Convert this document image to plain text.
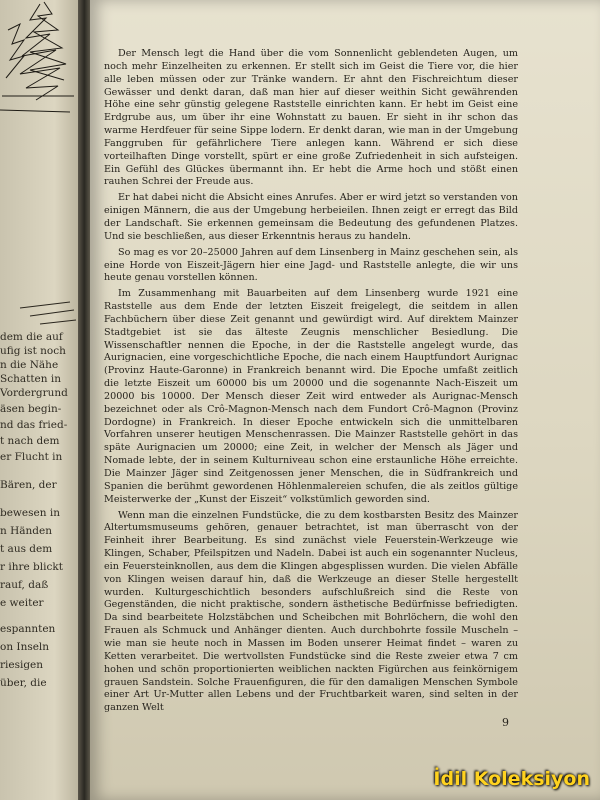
dem die auf
ufig ist noch
n die Nähe
Schatten in
Vordergrund
äsen begin-
nd das fried-
t nach dem
er Flucht in
Bären, der
bewesen in
n Händen
t aus dem
r ihre blickt
rauf, daß
e weiter
espannten
on Inseln
riesigen
über, die

Der Mensch legt die Hand über die vom Sonnenlicht geblendeten Augen, um noch mehr Einzelheiten zu erkennen. Er stellt sich im Geist die Tiere vor, die hier alle leben müssen oder zur Tränke wandern. Er ahnt den Fischreichtum dieser Gewässer und denkt daran, daß man hier auf dieser weithin Sicht gewährenden Höhe eine sehr günstig gelegene Raststelle einrichten kann. Er hebt im Geist eine Erdgrube aus, um über ihr eine Wohnstatt zu bauen. Er sieht in ihr schon das warme Herdfeuer für seine Sippe lodern. Er denkt daran, wie man in der Umgebung Fanggruben für gefährlichere Tiere anlegen kann. Während er sich diese vorteilhaften Dinge vorstellt, spürt er eine große Zufriedenheit in sich aufsteigen. Ein Gefühl des Glückes übermannt ihn. Er hebt die Arme hoch und stößt einen rauhen Schrei der Freude aus.

Er hat dabei nicht die Absicht eines Anrufes. Aber er wird jetzt so verstanden von einigen Männern, die aus der Umgebung herbeieilen. Ihnen zeigt er erregt das Bild der Landschaft. Sie erkennen gemeinsam die Bedeutung des gefundenen Platzes. Und sie beschließen, aus dieser Erkenntnis heraus zu handeln.

So mag es vor 20–25000 Jahren auf dem Linsenberg in Mainz geschehen sein, als eine Horde von Eiszeit-Jägern hier eine Jagd- und Raststelle anlegte, die wir uns heute genau vorstellen können.

Im Zusammenhang mit Bauarbeiten auf dem Linsenberg wurde 1921 eine Raststelle aus dem Ende der letzten Eiszeit freigelegt, die seitdem in allen Fachbüchern über diese Zeit genannt und gewürdigt wird. Auf direktem Mainzer Stadtgebiet ist sie das älteste Zeugnis menschlicher Besiedlung. Die Wissenschaftler nennen die Epoche, in der die Raststelle angelegt wurde, das Aurignacien, eine vorgeschichtliche Epoche, die nach einem Hauptfundort Aurignac (Provinz Haute-Garonne) in Frankreich benannt wird. Die Epoche umfaßt zeitlich die letzte Eiszeit um 60000 bis um 20000 und die sogenannte Nach-Eiszeit um 20000 bis 10000. Der Mensch dieser Zeit wird entweder als Aurignac-Mensch bezeichnet oder als Crô-Magnon-Mensch nach dem Fundort Crô-Magnon (Provinz Dordogne) in Frankreich. In dieser Epoche entwickeln sich die unmittelbaren Vorfahren unserer heutigen Menschenrassen. Die Mainzer Raststelle gehört in das späte Aurignacien um 20000; eine Zeit, in welcher der Mensch als Jäger und Nomade lebte, der in seinem Kulturniveau schon eine erstaunliche Höhe erreichte. Die Mainzer Jäger sind Zeitgenossen jener Menschen, die in Südfrankreich und Spanien die berühmt gewordenen Höhlenmalereien schufen, die als zeitlos gültige Meisterwerke der „Kunst der Eiszeit“ volkstümlich geworden sind.

Wenn man die einzelnen Fundstücke, die zu dem kostbarsten Besitz des Mainzer Altertumsmuseums gehören, genauer betrachtet, ist man überrascht von der Feinheit ihrer Bearbeitung. Es sind zunächst viele Feuerstein-Werkzeuge wie Klingen, Schaber, Pfeilspitzen und Nadeln. Dabei ist auch ein sogenannter Nucleus, ein Feuersteinknollen, aus dem die Klingen abgesplissen wurden. Die vielen Abfälle von Klingen weisen darauf hin, daß die Werkzeuge an dieser Stelle hergestellt wurden. Kulturgeschichtlich besonders aufschlußreich sind die Reste von Gegenständen, die nicht praktische, sondern ästhetische Bedürfnisse befriedigten. Da sind bearbeitete Holzstäbchen und Scheibchen mit Bohrlöchern, die wohl den Frauen als Schmuck und Anhänger dienten. Auch durchbohrte fossile Muscheln – wie man sie heute noch in Massen im Boden unserer Heimat findet – waren zu Ketten verarbeitet. Die wertvollsten Fundstücke sind die Reste zweier etwa 7 cm hohen und schön proportionierten weiblichen nackten Figürchen aus feinkörnigem grauen Sandstein. Solche Frauenfiguren, die für den damaligen Menschen Symbole einer Art Ur-Mutter allen Lebens und der Fruchtbarkeit waren, sind selten in der ganzen Welt

9
İdil Koleksiyon
